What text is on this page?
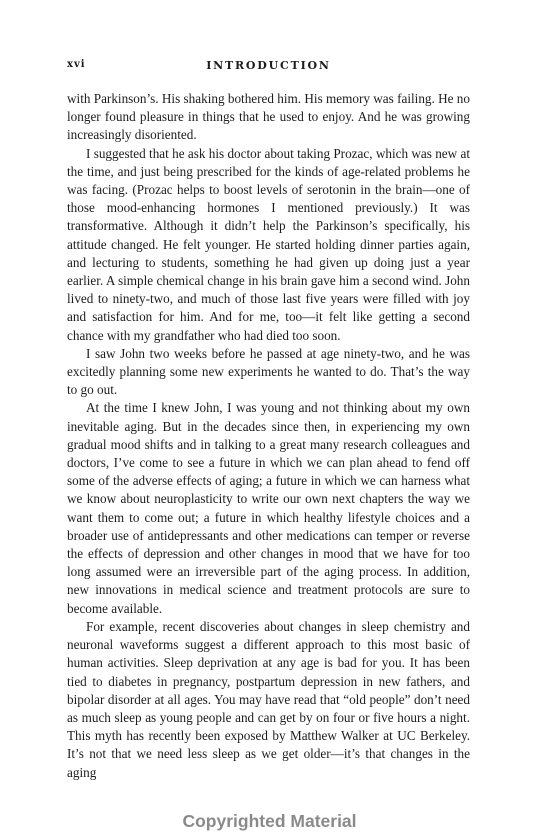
xvi	INTRODUCTION

with Parkinson’s. His shaking bothered him. His memory was failing. He no longer found pleasure in things that he used to enjoy. And he was growing increasingly disoriented.

I suggested that he ask his doctor about taking Prozac, which was new at the time, and just being prescribed for the kinds of age-related problems he was facing. (Prozac helps to boost levels of serotonin in the brain—one of those mood-enhancing hormones I mentioned previously.) It was transformative. Although it didn’t help the Parkinson’s specifically, his attitude changed. He felt younger. He started holding dinner parties again, and lecturing to students, something he had given up doing just a year earlier. A simple chemical change in his brain gave him a second wind. John lived to ninety-two, and much of those last five years were filled with joy and satisfaction for him. And for me, too—it felt like getting a second chance with my grandfather who had died too soon.

I saw John two weeks before he passed at age ninety-two, and he was excitedly planning some new experiments he wanted to do. That’s the way to go out.

At the time I knew John, I was young and not thinking about my own inevitable aging. But in the decades since then, in experiencing my own gradual mood shifts and in talking to a great many research colleagues and doctors, I’ve come to see a future in which we can plan ahead to fend off some of the adverse effects of aging; a future in which we can harness what we know about neuroplasticity to write our own next chapters the way we want them to come out; a future in which healthy lifestyle choices and a broader use of antidepressants and other medications can temper or reverse the effects of depression and other changes in mood that we have for too long assumed were an irreversible part of the aging process. In addition, new innovations in medical science and treatment protocols are sure to become available.

For example, recent discoveries about changes in sleep chemistry and neuronal waveforms suggest a different approach to this most basic of human activities. Sleep deprivation at any age is bad for you. It has been tied to diabetes in pregnancy, postpartum depression in new fathers, and bipolar disorder at all ages. You may have read that “old people” don’t need as much sleep as young people and can get by on four or five hours a night. This myth has recently been exposed by Matthew Walker at UC Berkeley. It’s not that we need less sleep as we get older—it’s that changes in the aging

Copyrighted Material
